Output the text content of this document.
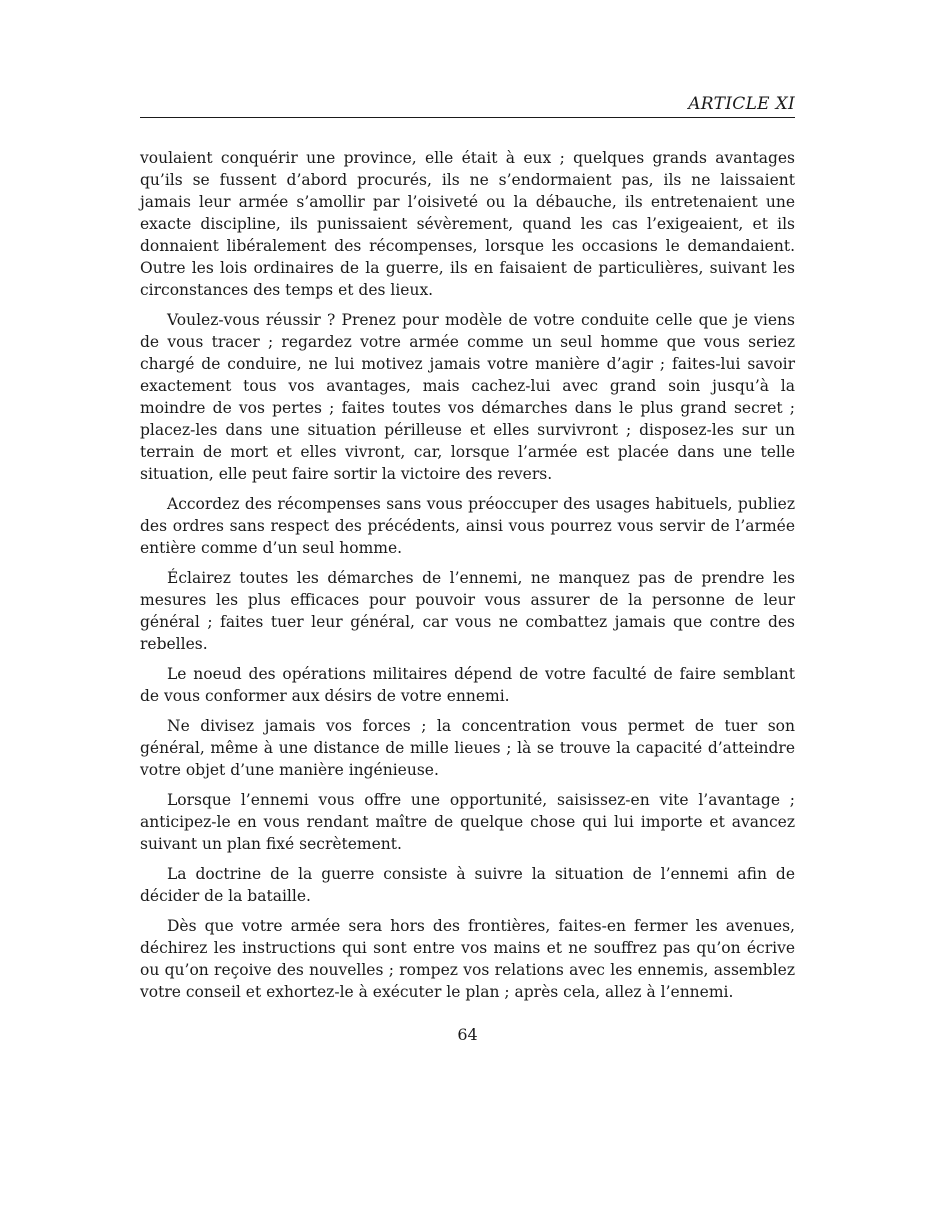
ARTICLE XI

voulaient conquérir une province, elle était à eux ; quelques grands avantages qu’ils se fussent d’abord procurés, ils ne s’endormaient pas, ils ne laissaient jamais leur armée s’amollir par l’oisiveté ou la débauche, ils entretenaient une exacte discipline, ils punissaient sévèrement, quand les cas l’exigeaient, et ils donnaient libéralement des récompenses, lorsque les occasions le demandaient. Outre les lois ordinaires de la guerre, ils en faisaient de particulières, suivant les circonstances des temps et des lieux.

Voulez-vous réussir ? Prenez pour modèle de votre conduite celle que je viens de vous tracer ; regardez votre armée comme un seul homme que vous seriez chargé de conduire, ne lui motivez jamais votre manière d’agir ; faites-lui savoir exactement tous vos avantages, mais cachez-lui avec grand soin jusqu’à la moindre de vos pertes ; faites toutes vos démarches dans le plus grand secret ; placez-les dans une situation périlleuse et elles survivront ; disposez-les sur un terrain de mort et elles vivront, car, lorsque l’armée est placée dans une telle situation, elle peut faire sortir la victoire des revers.

Accordez des récompenses sans vous préoccuper des usages habituels, publiez des ordres sans respect des précédents, ainsi vous pourrez vous servir de l’armée entière comme d’un seul homme.

Éclairez toutes les démarches de l’ennemi, ne manquez pas de prendre les mesures les plus efficaces pour pouvoir vous assurer de la personne de leur général ; faites tuer leur général, car vous ne combattez jamais que contre des rebelles.

Le noeud des opérations militaires dépend de votre faculté de faire semblant de vous conformer aux désirs de votre ennemi.

Ne divisez jamais vos forces ; la concentration vous permet de tuer son général, même à une distance de mille lieues ; là se trouve la capacité d’atteindre votre objet d’une manière ingénieuse.

Lorsque l’ennemi vous offre une opportunité, saisissez-en vite l’avantage ; anticipez-le en vous rendant maître de quelque chose qui lui importe et avancez suivant un plan fixé secrètement.

La doctrine de la guerre consiste à suivre la situation de l’ennemi afin de décider de la bataille.

Dès que votre armée sera hors des frontières, faites-en fermer les avenues, déchirez les instructions qui sont entre vos mains et ne souffrez pas qu’on écrive ou qu’on reçoive des nouvelles ; rompez vos relations avec les ennemis, assemblez votre conseil et exhortez-le à exécuter le plan ; après cela, allez à l’ennemi.

64
